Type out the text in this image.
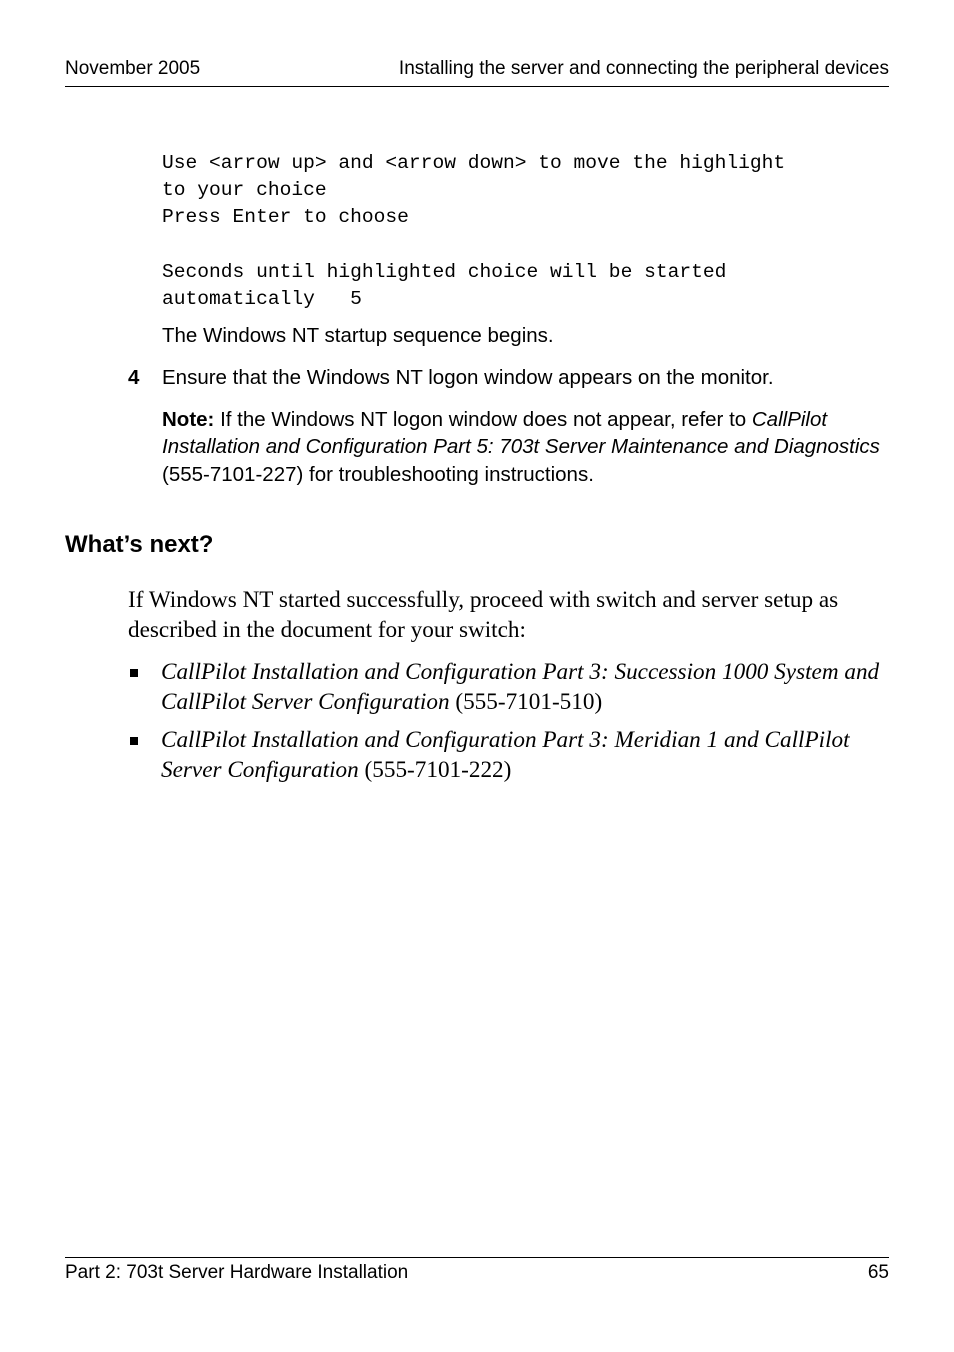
November 2005	Installing the server and connecting the peripheral devices
Use <arrow up> and <arrow down> to move the highlight
to your choice
Press Enter to choose

Seconds until highlighted choice will be started
automatically   5
The Windows NT startup sequence begins.
4 Ensure that the Windows NT logon window appears on the monitor.
Note: If the Windows NT logon window does not appear, refer to CallPilot Installation and Configuration Part 5: 703t Server Maintenance and Diagnostics (555-7101-227) for troubleshooting instructions.
What’s next?
If Windows NT started successfully, proceed with switch and server setup as described in the document for your switch:
CallPilot Installation and Configuration Part 3: Succession 1000 System and CallPilot Server Configuration (555-7101-510)
CallPilot Installation and Configuration Part 3: Meridian 1 and CallPilot Server Configuration (555-7101-222)
Part 2: 703t Server Hardware Installation	65
